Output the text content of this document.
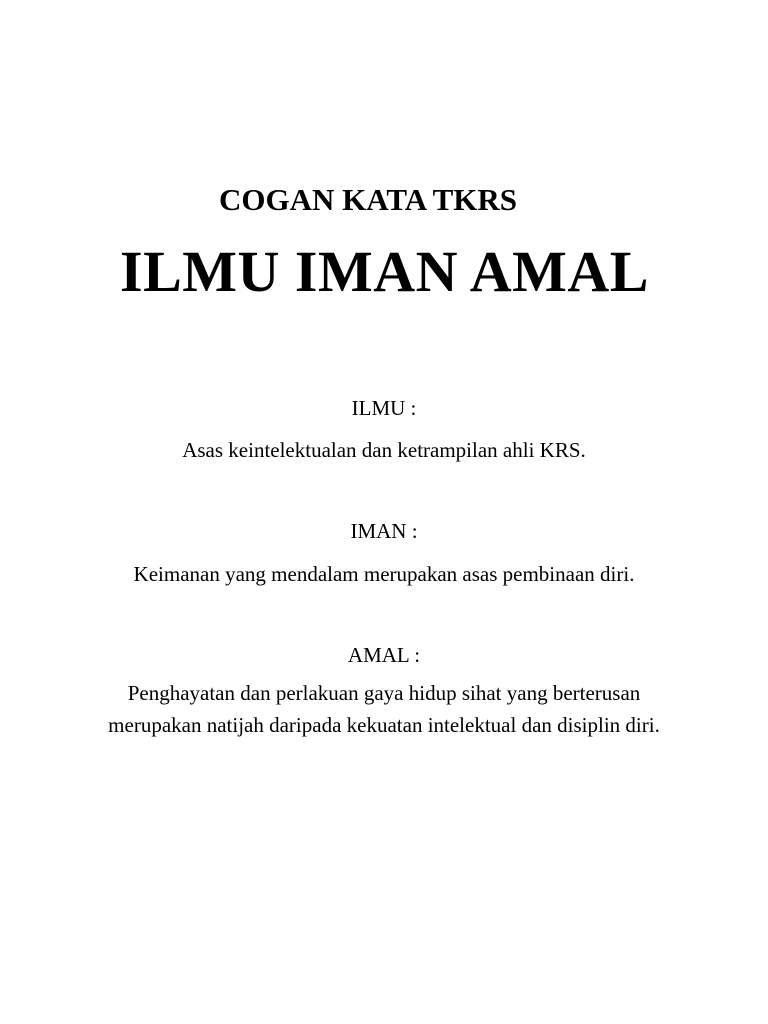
COGAN KATA TKRS
ILMU IMAN AMAL
ILMU :
Asas keintelektualan dan ketrampilan ahli KRS.
IMAN :
Keimanan yang mendalam merupakan asas pembinaan diri.
AMAL :
Penghayatan dan perlakuan gaya hidup sihat yang berterusan merupakan natijah daripada kekuatan intelektual dan disiplin diri.
